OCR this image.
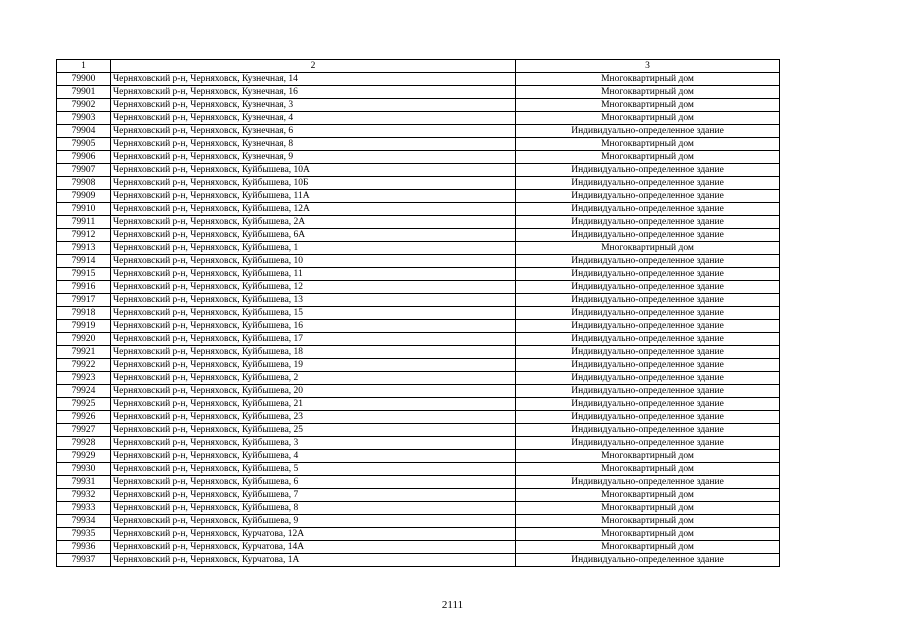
1	2	3
79900	Черняховский р-н, Черняховск, Кузнечная, 14	Многоквартирный дом
79901	Черняховский р-н, Черняховск, Кузнечная, 16	Многоквартирный дом
79902	Черняховский р-н, Черняховск, Кузнечная, 3	Многоквартирный дом
79903	Черняховский р-н, Черняховск, Кузнечная, 4	Многоквартирный дом
79904	Черняховский р-н, Черняховск, Кузнечная, 6	Индивидуально-определенное здание
79905	Черняховский р-н, Черняховск, Кузнечная, 8	Многоквартирный дом
79906	Черняховский р-н, Черняховск, Кузнечная, 9	Многоквартирный дом
79907	Черняховский р-н, Черняховск, Куйбышева, 10А	Индивидуально-определенное здание
79908	Черняховский р-н, Черняховск, Куйбышева, 10Б	Индивидуально-определенное здание
79909	Черняховский р-н, Черняховск, Куйбышева, 11А	Индивидуально-определенное здание
79910	Черняховский р-н, Черняховск, Куйбышева, 12А	Индивидуально-определенное здание
79911	Черняховский р-н, Черняховск, Куйбышева, 2А	Индивидуально-определенное здание
79912	Черняховский р-н, Черняховск, Куйбышева, 6А	Индивидуально-определенное здание
79913	Черняховский р-н, Черняховск, Куйбышева, 1	Многоквартирный дом
79914	Черняховский р-н, Черняховск, Куйбышева, 10	Индивидуально-определенное здание
79915	Черняховский р-н, Черняховск, Куйбышева, 11	Индивидуально-определенное здание
79916	Черняховский р-н, Черняховск, Куйбышева, 12	Индивидуально-определенное здание
79917	Черняховский р-н, Черняховск, Куйбышева, 13	Индивидуально-определенное здание
79918	Черняховский р-н, Черняховск, Куйбышева, 15	Индивидуально-определенное здание
79919	Черняховский р-н, Черняховск, Куйбышева, 16	Индивидуально-определенное здание
79920	Черняховский р-н, Черняховск, Куйбышева, 17	Индивидуально-определенное здание
79921	Черняховский р-н, Черняховск, Куйбышева, 18	Индивидуально-определенное здание
79922	Черняховский р-н, Черняховск, Куйбышева, 19	Индивидуально-определенное здание
79923	Черняховский р-н, Черняховск, Куйбышева, 2	Индивидуально-определенное здание
79924	Черняховский р-н, Черняховск, Куйбышева, 20	Индивидуально-определенное здание
79925	Черняховский р-н, Черняховск, Куйбышева, 21	Индивидуально-определенное здание
79926	Черняховский р-н, Черняховск, Куйбышева, 23	Индивидуально-определенное здание
79927	Черняховский р-н, Черняховск, Куйбышева, 25	Индивидуально-определенное здание
79928	Черняховский р-н, Черняховск, Куйбышева, 3	Индивидуально-определенное здание
79929	Черняховский р-н, Черняховск, Куйбышева, 4	Многоквартирный дом
79930	Черняховский р-н, Черняховск, Куйбышева, 5	Многоквартирный дом
79931	Черняховский р-н, Черняховск, Куйбышева, 6	Индивидуально-определенное здание
79932	Черняховский р-н, Черняховск, Куйбышева, 7	Многоквартирный дом
79933	Черняховский р-н, Черняховск, Куйбышева, 8	Многоквартирный дом
79934	Черняховский р-н, Черняховск, Куйбышева, 9	Многоквартирный дом
79935	Черняховский р-н, Черняховск, Курчатова, 12А	Многоквартирный дом
79936	Черняховский р-н, Черняховск, Курчатова, 14А	Многоквартирный дом
79937	Черняховский р-н, Черняховск, Курчатова, 1А	Индивидуально-определенное здание
2111
